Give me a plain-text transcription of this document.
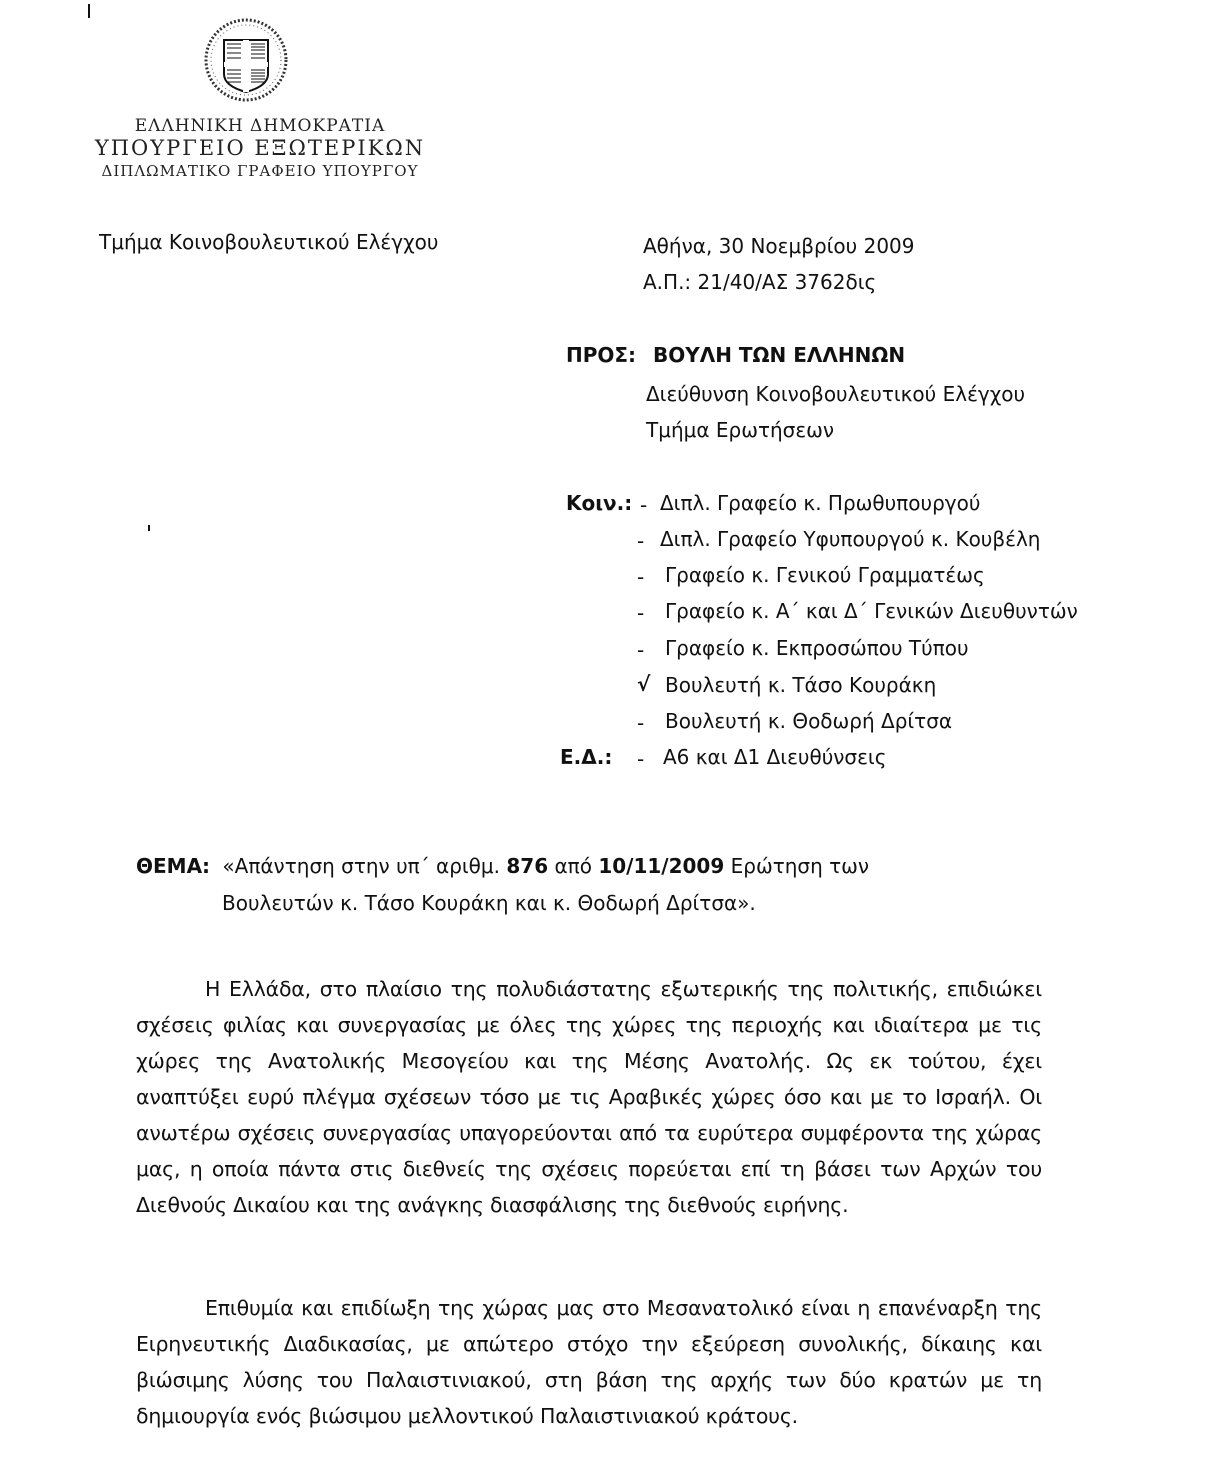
ΕΛΛΗΝΙΚΗ ΔΗΜΟΚΡΑΤΙΑ
ΥΠΟΥΡΓΕΙΟ ΕΞΩΤΕΡΙΚΩΝ
ΔΙΠΛΩΜΑΤΙΚΟ ΓΡΑΦΕΙΟ ΥΠΟΥΡΓΟΥ
Τμήμα Κοινοβουλευτικού Ελέγχου	Αθήνα, 30 Νοεμβρίου 2009
Α.Π.: 21/40/ΑΣ 3762δις
ΠΡΟΣ: ΒΟΥΛΗ ΤΩΝ ΕΛΛΗΝΩΝ
Διεύθυνση Κοινοβουλευτικού Ελέγχου
Τμήμα Ερωτήσεων
Κοιν.: - Διπλ. Γραφείο κ. Πρωθυπουργού
- Διπλ. Γραφείο Υφυπουργού κ. Κουβέλη
- Γραφείο κ. Γενικού Γραμματέως
- Γραφείο κ. Α΄ και Δ΄ Γενικών Διευθυντών
- Γραφείο κ. Εκπροσώπου Τύπου
√ Βουλευτή κ. Τάσο Κουράκη
- Βουλευτή κ. Θοδωρή Δρίτσα
Ε.Δ.: - Α6 και Δ1 Διευθύνσεις
ΘΕΜΑ: «Απάντηση στην υπ΄ αριθμ. 876 από 10/11/2009 Ερώτηση των
Βουλευτών κ. Τάσο Κουράκη και κ. Θοδωρή Δρίτσα».

Η Ελλάδα, στο πλαίσιο της πολυδιάστατης εξωτερικής της πολιτικής, επιδιώκει σχέσεις φιλίας και συνεργασίας με όλες της χώρες της περιοχής και ιδιαίτερα με τις χώρες της Ανατολικής Μεσογείου και της Μέσης Ανατολής. Ως εκ τούτου, έχει αναπτύξει ευρύ πλέγμα σχέσεων τόσο με τις Αραβικές χώρες όσο και με το Ισραήλ. Οι ανωτέρω σχέσεις συνεργασίας υπαγορεύονται από τα ευρύτερα συμφέροντα της χώρας μας, η οποία πάντα στις διεθνείς της σχέσεις πορεύεται επί τη βάσει των Αρχών του Διεθνούς Δικαίου και της ανάγκης διασφάλισης της διεθνούς ειρήνης.

Επιθυμία και επιδίωξη της χώρας μας στο Μεσανατολικό είναι η επανέναρξη της Ειρηνευτικής Διαδικασίας, με απώτερο στόχο την εξεύρεση συνολικής, δίκαιης και βιώσιμης λύσης του Παλαιστινιακού, στη βάση της αρχής των δύο κρατών με τη δημιουργία ενός βιώσιμου μελλοντικού Παλαιστινιακού κράτους.
